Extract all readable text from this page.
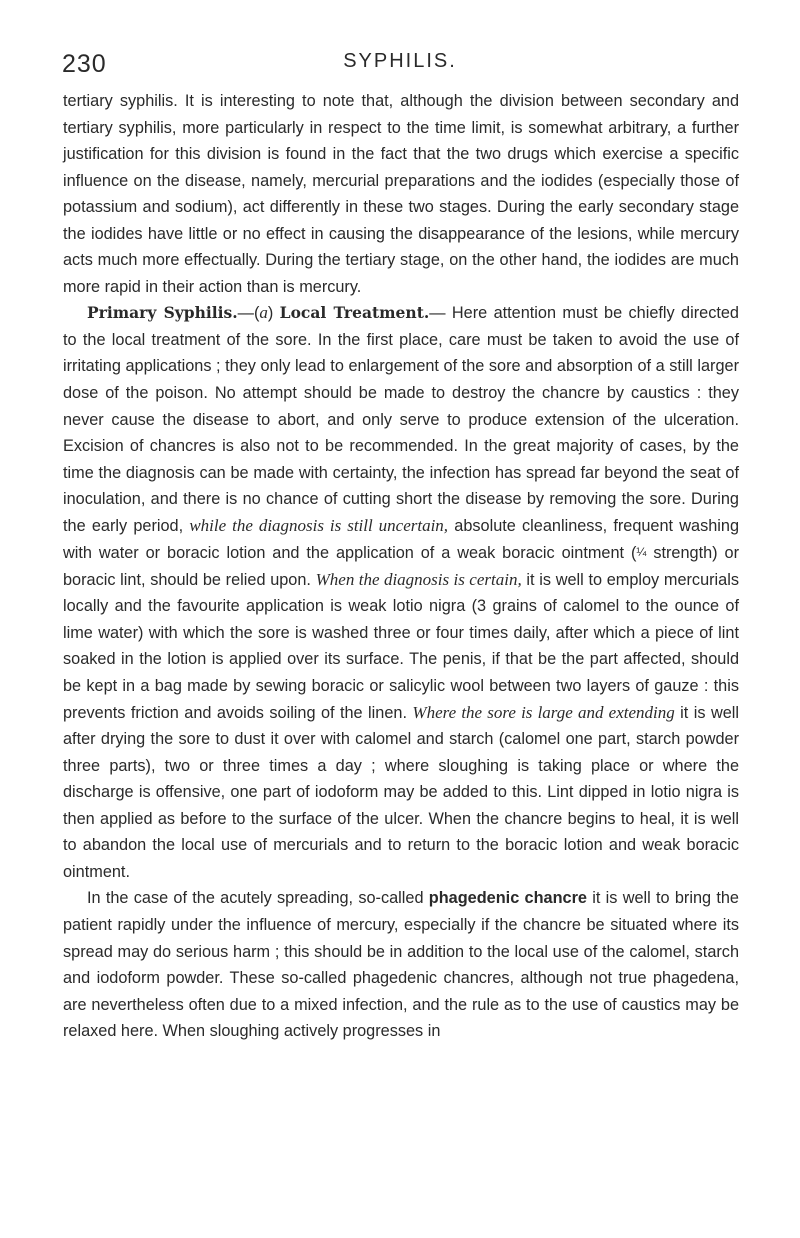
230	SYPHILIS.

tertiary syphilis. It is interesting to note that, although the division between secondary and tertiary syphilis, more particularly in respect to the time limit, is somewhat arbitrary, a further justification for this division is found in the fact that the two drugs which exercise a specific influence on the disease, namely, mercurial preparations and the iodides (especially those of potassium and sodium), act differently in these two stages. During the early secondary stage the iodides have little or no effect in causing the disappearance of the lesions, while mercury acts much more effectually. During the tertiary stage, on the other hand, the iodides are much more rapid in their action than is mercury.

Primary Syphilis.—(a) Local Treatment.— Here attention must be chiefly directed to the local treatment of the sore. In the first place, care must be taken to avoid the use of irritating applications ; they only lead to enlargement of the sore and absorption of a still larger dose of the poison. No attempt should be made to destroy the chancre by caustics : they never cause the disease to abort, and only serve to produce extension of the ulceration. Excision of chancres is also not to be recommended. In the great majority of cases, by the time the diagnosis can be made with certainty, the infection has spread far beyond the seat of inoculation, and there is no chance of cutting short the disease by removing the sore. During the early period, while the diagnosis is still uncertain, absolute cleanliness, frequent washing with water or boracic lotion and the application of a weak boracic ointment (¼ strength) or boracic lint, should be relied upon. When the diagnosis is certain, it is well to employ mercurials locally and the favourite application is weak lotio nigra (3 grains of calomel to the ounce of lime water) with which the sore is washed three or four times daily, after which a piece of lint soaked in the lotion is applied over its surface. The penis, if that be the part affected, should be kept in a bag made by sewing boracic or salicylic wool between two layers of gauze : this prevents friction and avoids soiling of the linen. Where the sore is large and extending it is well after drying the sore to dust it over with calomel and starch (calomel one part, starch powder three parts), two or three times a day ; where sloughing is taking place or where the discharge is offensive, one part of iodoform may be added to this. Lint dipped in lotio nigra is then applied as before to the surface of the ulcer. When the chancre begins to heal, it is well to abandon the local use of mercurials and to return to the boracic lotion and weak boracic ointment.

In the case of the acutely spreading, so-called phagedenic chancre it is well to bring the patient rapidly under the influence of mercury, especially if the chancre be situated where its spread may do serious harm ; this should be in addition to the local use of the calomel, starch and iodoform powder. These so-called phagedenic chancres, although not true phagedena, are nevertheless often due to a mixed infection, and the rule as to the use of caustics may be relaxed here. When sloughing actively progresses in
